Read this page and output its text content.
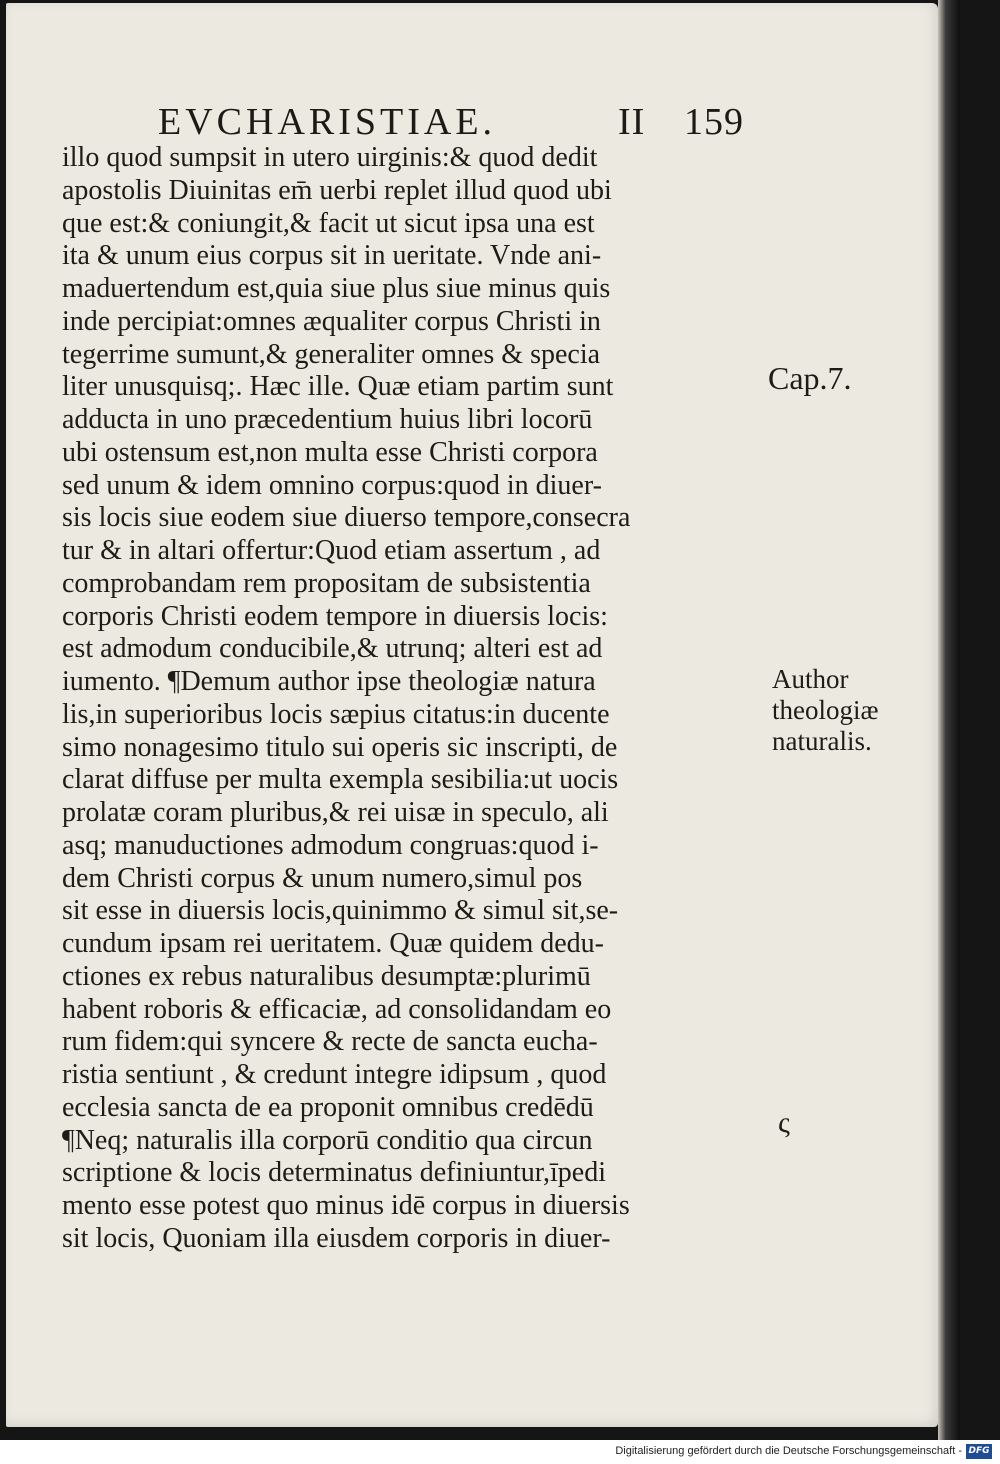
EVCHARISTIAE.	II 159
illo quod sumpsit in utero uirginis:& quod dedit
apostolis Diuinitas em̄ uerbi replet illud quod ubi
que est:& coniungit,& facit ut sicut ipsa una est
ita & unum eius corpus sit in ueritate. Vnde ani-
maduertendum est,quia siue plus siue minus quis
inde percipiat:omnes æqualiter corpus Christi in
tegerrime sumunt,& generaliter omnes & specia
liter unusquisq;. Hæc ille. Quæ etiam partim sunt
adducta in uno præcedentium huius libri locorū
ubi ostensum est,non multa esse Christi corpora
sed unum & idem omnino corpus:quod in diuer-
sis locis siue eodem siue diuerso tempore,consecra
tur & in altari offertur:Quod etiam assertum , ad
comprobandam rem propositam de subsistentia
corporis Christi eodem tempore in diuersis locis:
est admodum conducibile,& utrunq; alteri est ad
iumento. ¶Demum author ipse theologiæ natura
lis,in superioribus locis sæpius citatus:in ducente
simo nonagesimo titulo sui operis sic inscripti, de
clarat diffuse per multa exempla sesibilia:ut uocis
prolatæ coram pluribus,& rei uisæ in speculo, ali
asq; manuductiones admodum congruas:quod i-
dem Christi corpus & unum numero,simul pos
sit esse in diuersis locis,quinimmo & simul sit,se-
cundum ipsam rei ueritatem. Quæ quidem dedu-
ctiones ex rebus naturalibus desumptæ:plurimū
habent roboris & efficaciæ, ad consolidandam eo
rum fidem:qui syncere & recte de sancta eucha-
ristia sentiunt , & credunt integre idipsum , quod
ecclesia sancta de ea proponit omnibus credēdū
¶Neq; naturalis illa corporū conditio qua circun
scriptione & locis determinatus definiuntur,īpedi
mento esse potest quo minus idē corpus in diuersis
sit locis, Quoniam illa eiusdem corporis in diuer-
Cap.7.
Author
theologiæ
naturalis.
ς
Digitalisierung gefördert durch die Deutsche Forschungsgemeinschaft - DFG
